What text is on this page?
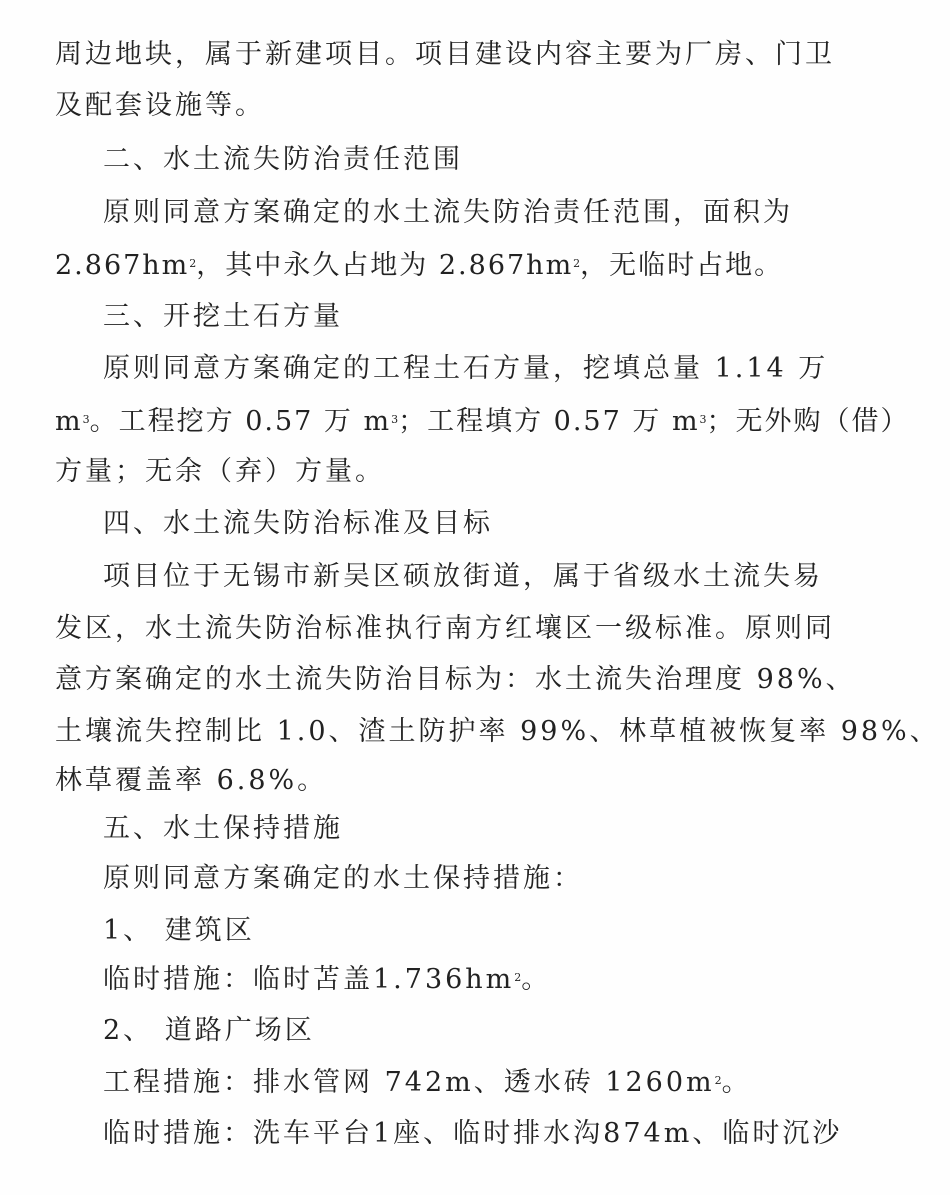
周边地块，属于新建项目。项目建设内容主要为厂房、门卫
及配套设施等。
二、水土流失防治责任范围
原则同意方案确定的水土流失防治责任范围，面积为
$2.867hm^2$，其中永久占地为 $2.867hm^2$，无临时占地。
三、开挖土石方量
原则同意方案确定的工程土石方量，挖填总量 1.14 万
$m^3$。工程挖方 0.57 万 $m^3$；工程填方 0.57 万 $m^3$；无外购（借）
方量；无余（弃）方量。
四、水土流失防治标准及目标
项目位于无锡市新吴区硕放街道，属于省级水土流失易
发区，水土流失防治标准执行南方红壤区一级标准。原则同
意方案确定的水土流失防治目标为：水土流失治理度 98%、
土壤流失控制比 1.0、渣土防护率 99%、林草植被恢复率 98%、
林草覆盖率 6.8%。
五、水土保持措施
原则同意方案确定的水土保持措施：
1、 建筑区
临时措施：临时苫盖$1.736hm^2$。
2、 道路广场区
工程措施：排水管网 742m、透水砖 $1260m^2$。
临时措施：洗车平台1座、临时排水沟874m、临时沉沙
